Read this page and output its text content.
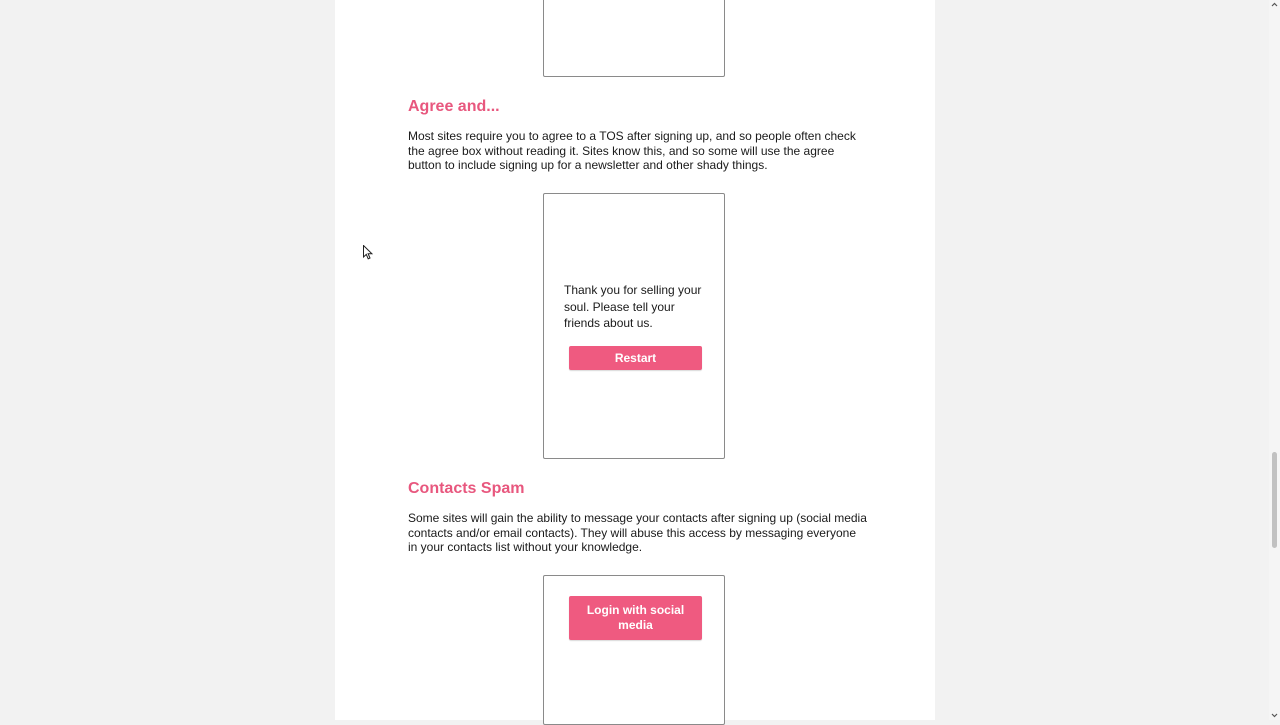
Agree and...

Most sites require you to agree to a TOS after signing up, and so people often check the agree box without reading it. Sites know this, and so some will use the agree button to include signing up for a newsletter and other shady things.

Thank you for selling your soul. Please tell your friends about us.

Restart
Contacts Spam

Some sites will gain the ability to message your contacts after signing up (social media contacts and/or email contacts). They will abuse this access by messaging everyone in your contacts list without your knowledge.

Login with social media
